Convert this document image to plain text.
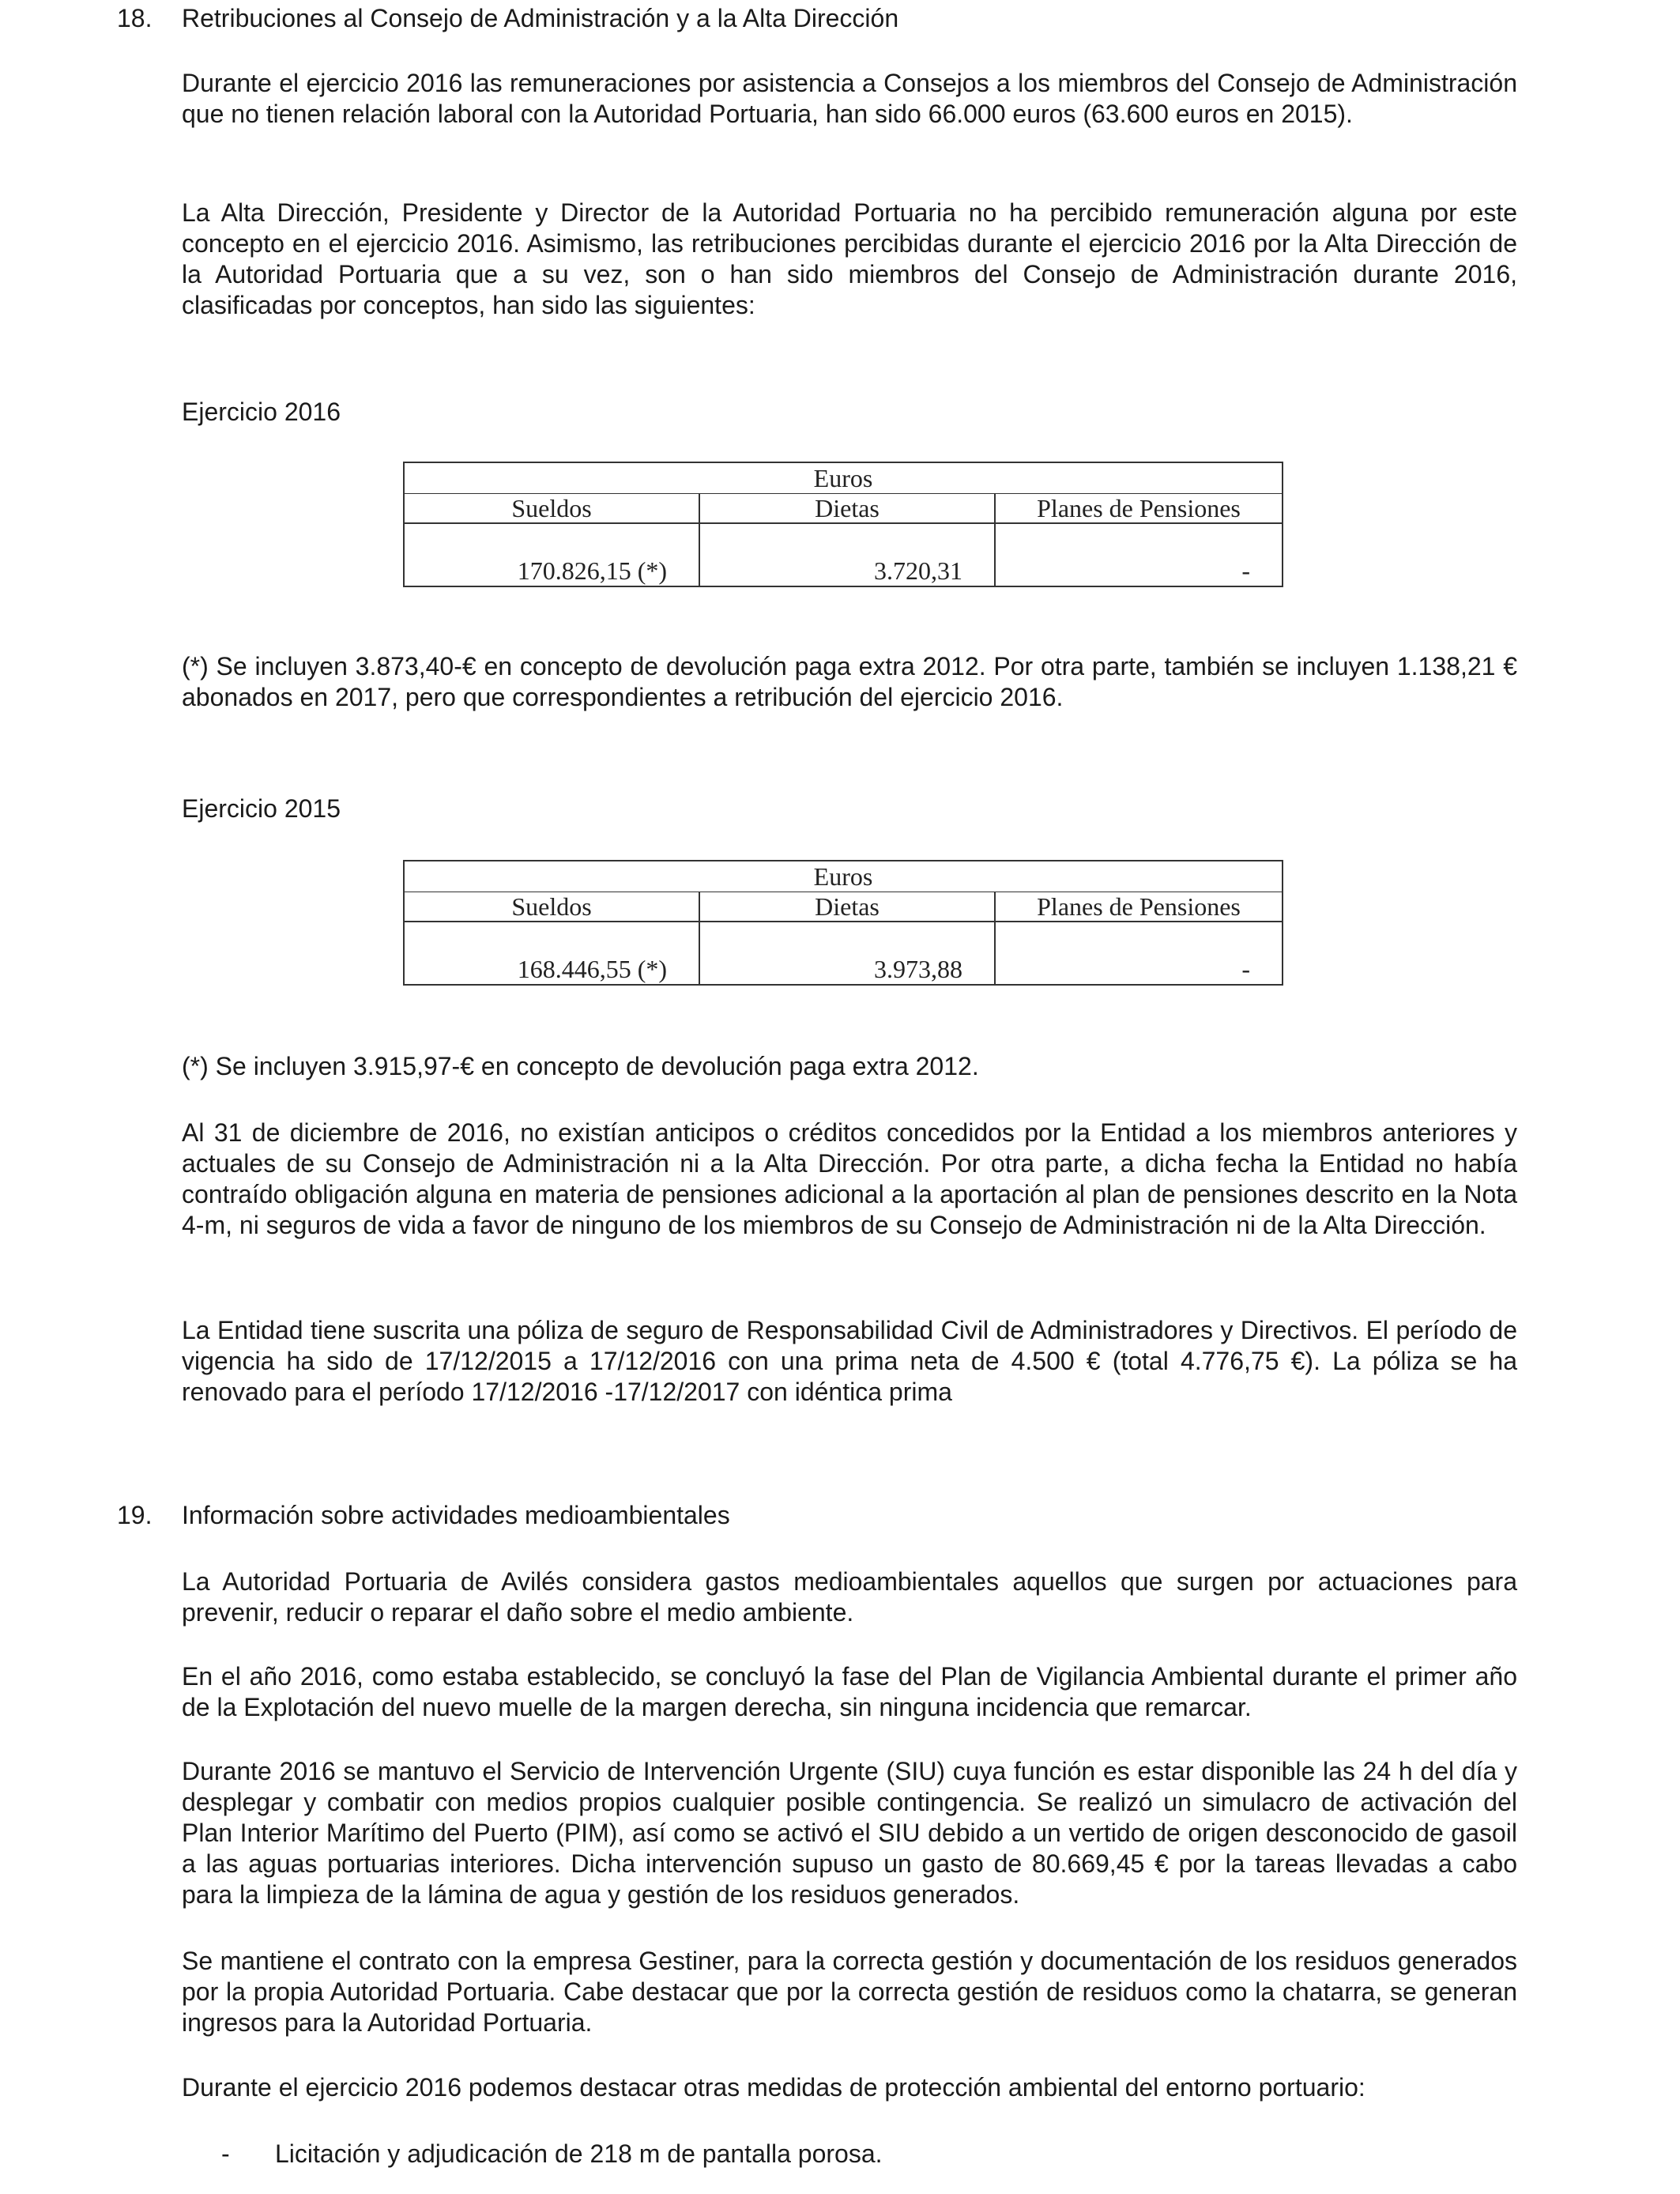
18. Retribuciones al Consejo de Administración y a la Alta Dirección

Durante el ejercicio 2016 las remuneraciones por asistencia a Consejos a los miembros del Consejo de Administración que no tienen relación laboral con la Autoridad Portuaria, han sido 66.000 euros (63.600 euros en 2015).

La Alta Dirección, Presidente y Director de la Autoridad Portuaria no ha percibido remuneración alguna por este concepto en el ejercicio 2016. Asimismo, las retribuciones percibidas durante el ejercicio 2016 por la Alta Dirección de la Autoridad Portuaria que a su vez, son o han sido miembros del Consejo de Administración durante 2016, clasificadas por conceptos, han sido las siguientes:

Ejercicio 2016
Euros		
Sueldos	Dietas	Planes de Pensiones
170.826,15 (*)	3.720,31	-

(*) Se incluyen 3.873,40-€ en concepto de devolución paga extra 2012. Por otra parte, también se incluyen 1.138,21 € abonados en 2017, pero que correspondientes a retribución del ejercicio 2016.

Ejercicio 2015
Euros		
Sueldos	Dietas	Planes de Pensiones
168.446,55 (*)	3.973,88	-

(*) Se incluyen 3.915,97-€ en concepto de devolución paga extra 2012.

Al 31 de diciembre de 2016, no existían anticipos o créditos concedidos por la Entidad a los miembros anteriores y actuales de su Consejo de Administración ni a la Alta Dirección. Por otra parte, a dicha fecha la Entidad no había contraído obligación alguna en materia de pensiones adicional a la aportación al plan de pensiones descrito en la Nota 4-m, ni seguros de vida a favor de ninguno de los miembros de su Consejo de Administración ni de la Alta Dirección.

La Entidad tiene suscrita una póliza de seguro de Responsabilidad Civil de Administradores y Directivos. El período de vigencia ha sido de 17/12/2015 a 17/12/2016 con una prima neta de 4.500 € (total 4.776,75 €). La póliza se ha renovado para el período 17/12/2016 -17/12/2017 con idéntica prima

19. Información sobre actividades medioambientales

La Autoridad Portuaria de Avilés considera gastos medioambientales aquellos que surgen por actuaciones para prevenir, reducir o reparar el daño sobre el medio ambiente.

En el año 2016, como estaba establecido, se concluyó la fase del Plan de Vigilancia Ambiental durante el primer año de la Explotación del nuevo muelle de la margen derecha, sin ninguna incidencia que remarcar.

Durante 2016 se mantuvo el Servicio de Intervención Urgente (SIU) cuya función es estar disponible las 24 h del día y desplegar y combatir con medios propios cualquier posible contingencia. Se realizó un simulacro de activación del Plan Interior Marítimo del Puerto (PIM), así como se activó el SIU debido a un vertido de origen desconocido de gasoil a las aguas portuarias interiores. Dicha intervención supuso un gasto de 80.669,45 € por la tareas llevadas a cabo para la limpieza de la lámina de agua y gestión de los residuos generados.

Se mantiene el contrato con la empresa Gestiner, para la correcta gestión y documentación de los residuos generados por la propia Autoridad Portuaria. Cabe destacar que por la correcta gestión de residuos como la chatarra, se generan ingresos para la Autoridad Portuaria.

Durante el ejercicio 2016 podemos destacar otras medidas de protección ambiental del entorno portuario:

- Licitación y adjudicación de 218 m de pantalla porosa.
